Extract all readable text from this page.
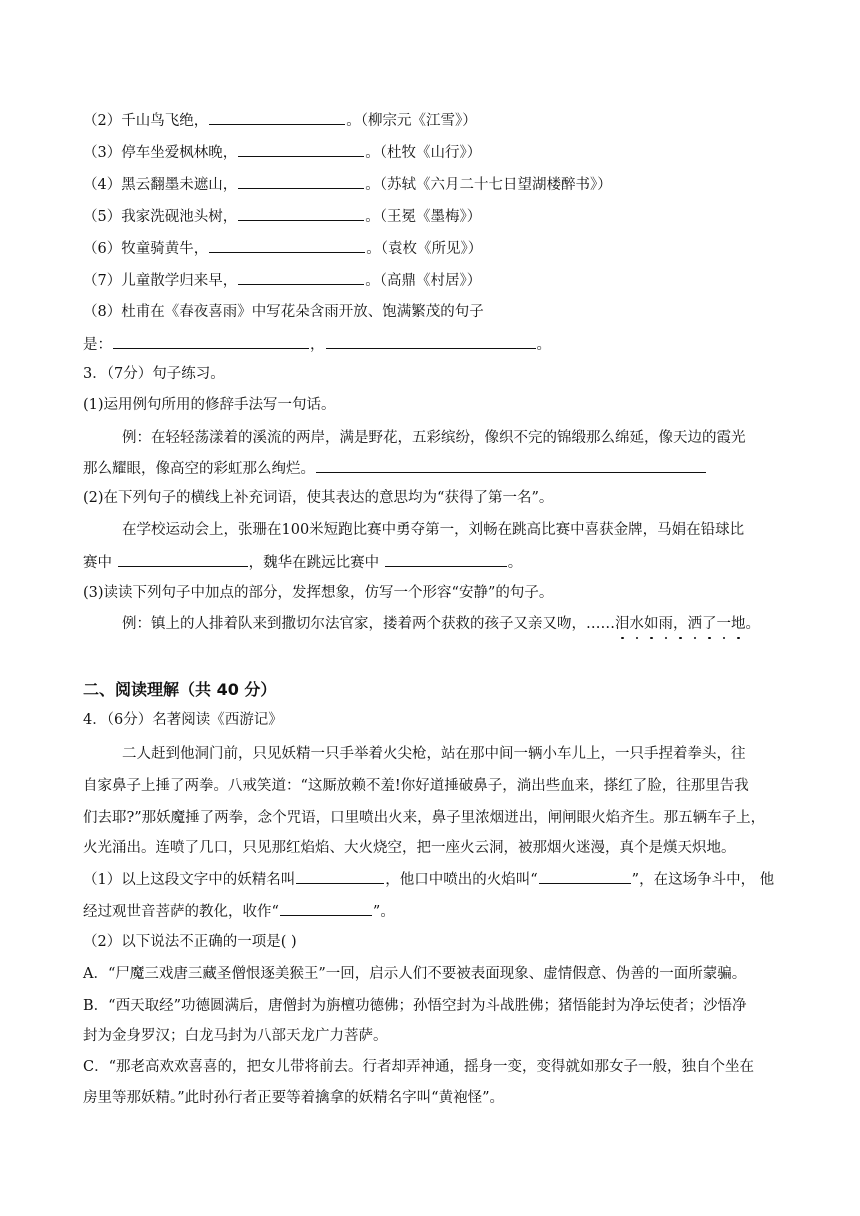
（2）千山鸟飞绝，	。（柳宗元《江雪》）
（3）停车坐爱枫林晚，	。（杜牧《山行》）
（4）黑云翻墨未遮山，	。（苏轼《六月二十七日望湖楼醉书》）
（5）我家洗砚池头树，	。（王冕《墨梅》）
（6）牧童骑黄牛，	。（袁枚《所见》）
（7）儿童散学归来早，	。（高鼎《村居》）
（8）杜甫在《春夜喜雨》中写花朵含雨开放、饱满繁茂的句子
是：	，	。
3．（7分）句子练习。
(1)运用例句所用的修辞手法写一句话。
例：在轻轻荡漾着的溪流的两岸，满是野花，五彩缤纷，像织不完的锦缎那么绵延，像天边的霞光
那么耀眼，像高空的彩虹那么绚烂。
(2)在下列句子的横线上补充词语，使其表达的意思均为“获得了第一名”。
在学校运动会上，张珊在100米短跑比赛中勇夺第一，刘畅在跳高比赛中喜获金牌，马娟在铅球比
赛中	，魏华在跳远比赛中	。
(3)读读下列句子中加点的部分，发挥想象，仿写一个形容“安静”的句子。
例：镇上的人排着队来到撒切尔法官家，搂着两个获救的孩子又亲又吻，……泪水如雨，洒了一地。
二、阅读理解（共 40 分）
4．（6分）名著阅读《西游记》
二人赶到他洞门前，只见妖精一只手举着火尖枪，站在那中间一辆小车儿上，一只手捏着拳头，往
自家鼻子上捶了两拳。八戒笑道：“这厮放赖不羞!你好道捶破鼻子，淌出些血来，搽红了脸，往那里告我
们去耶?”那妖魔捶了两拳，念个咒语，口里喷出火来，鼻子里浓烟迸出，闸闸眼火焰齐生。那五辆车子上，
火光涌出。连喷了几口，只见那红焰焰、大火烧空，把一座火云洞，被那烟火迷漫，真个是熯天炽地。
（1）以上这段文字中的妖精名叫	，他口中喷出的火焰叫“	”，在这场争斗中， 他
经过观世音菩萨的教化，收作“	”。
（2）以下说法不正确的一项是( )
A．“尸魔三戏唐三藏圣僧恨逐美猴王”一回，启示人们不要被表面现象、虚情假意、伪善的一面所蒙骗。
B．“西天取经”功德圆满后，唐僧封为旃檀功德佛；孙悟空封为斗战胜佛；猪悟能封为净坛使者；沙悟净
封为金身罗汉；白龙马封为八部天龙广力菩萨。
C．“那老高欢欢喜喜的，把女儿带将前去。行者却弄神通，摇身一变，变得就如那女子一般，独自个坐在
房里等那妖精。”此时孙行者正要等着擒拿的妖精名字叫“黄袍怪”。
